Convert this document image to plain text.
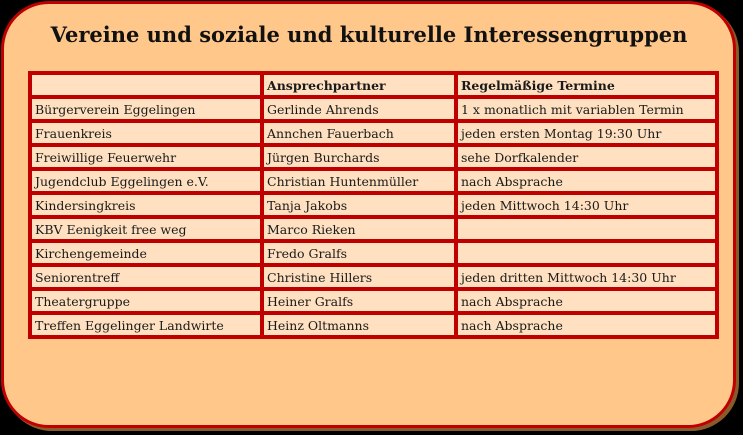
Vereine und soziale und kulturelle Interessengruppen
	Ansprechpartner	Regelmäßige Termine
Bürgerverein Eggelingen	Gerlinde Ahrends	1 x monatlich mit variablen Termin
Frauenkreis	Annchen Fauerbach	jeden ersten Montag 19:30 Uhr
Freiwillige Feuerwehr	Jürgen Burchards	sehe Dorfkalender
Jugendclub Eggelingen e.V.	Christian Huntenmüller	nach Absprache
Kindersingkreis	Tanja Jakobs	jeden Mittwoch 14:30 Uhr
KBV Eenigkeit free weg	Marco Rieken	
Kirchengemeinde	Fredo Gralfs	
Seniorentreff	Christine Hillers	jeden dritten Mittwoch 14:30 Uhr
Theatergruppe	Heiner Gralfs	nach Absprache
Treffen Eggelinger Landwirte	Heinz Oltmanns	nach Absprache
